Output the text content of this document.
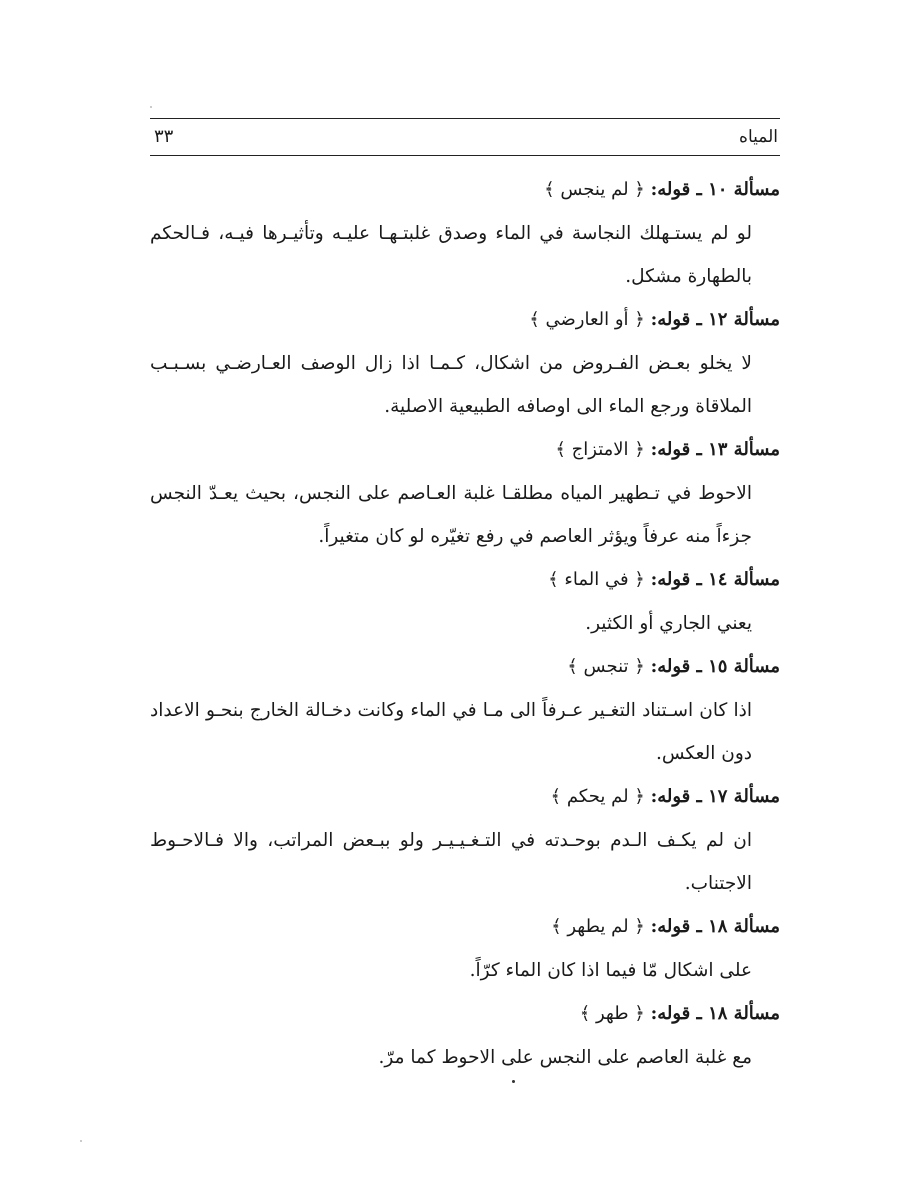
المياه
٣٣
مسألة ١٠ ـ قوله: ﴿ لم ينجس ﴾
لو لم يستـهلك النجاسة في الماء وصدق غلبتـهـا عليـه وتأثيـرها فيـه، فـالحكم بالطهارة مشكل.
مسألة ١٢ ـ قوله: ﴿ أو العارضي ﴾
لا يخلو بعـض الفـروض من اشكال، كـمـا اذا زال الوصف العـارضـي بسـبـب الملاقاة ورجع الماء الى اوصافه الطبيعية الاصلية.
مسألة ١٣ ـ قوله: ﴿ الامتزاج ﴾
الاحوط في تـطهير المياه مطلقـا غلبة العـاصم على النجس، بحيث يعـدّ النجس جزءاً منه عرفاً ويؤثر العاصم في رفع تغيّره لو كان متغيراً.
مسألة ١٤ ـ قوله: ﴿ في الماء ﴾
يعني الجاري أو الكثير.
مسألة ١٥ ـ قوله: ﴿ تنجس ﴾
اذا كان اسـتناد التغـير عـرفاً الى مـا في الماء وكانت دخـالة الخارج بنحـو الاعداد دون العكس.
مسألة ١٧ ـ قوله: ﴿ لم يحكم ﴾
ان لم يكـف الـدم بوحـدته في التـغـيـيـر ولو ببـعض المراتب، والا فـالاحـوط الاجتناب.
مسألة ١٨ ـ قوله: ﴿ لم يطهر ﴾
على اشكال مّا فيما اذا كان الماء كرّاً.
مسألة ١٨ ـ قوله: ﴿ طهر ﴾
مع غلبة العاصم على النجس على الاحوط كما مرّ.
